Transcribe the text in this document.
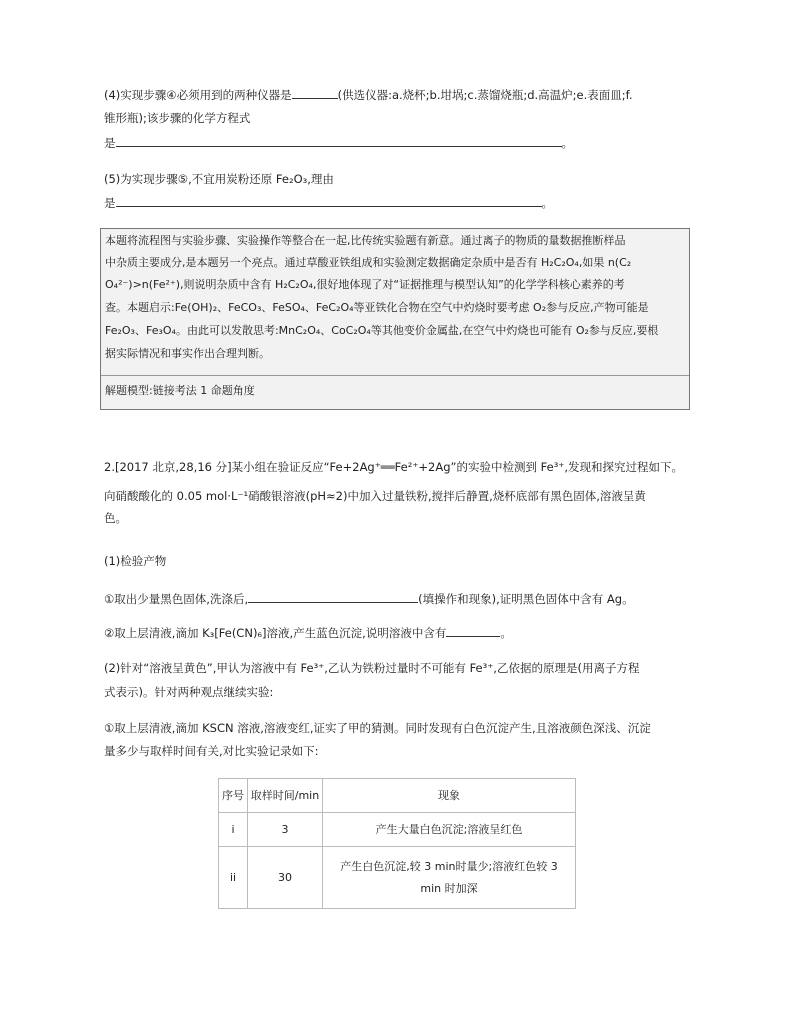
(4)实现步骤④必须用到的两种仪器是	(供选仪器:a.烧杯;b.坩埚;c.蒸馏烧瓶;d.高温炉;e.表面皿;f.
锥形瓶);该步骤的化学方程式
是	。
(5)为实现步骤⑤,不宜用炭粉还原 Fe₂O₃,理由
是	。
本题将流程图与实验步骤、实验操作等整合在一起,比传统实验题有新意。通过离子的物质的量数据推断样品
中杂质主要成分,是本题另一个亮点。通过草酸亚铁组成和实验测定数据确定杂质中是否有 H₂C₂O₄,如果 n(C₂
O₄²⁻)>n(Fe²⁺),则说明杂质中含有 H₂C₂O₄,很好地体现了对“证据推理与模型认知”的化学学科核心素养的考
查。本题启示:Fe(OH)₂、FeCO₃、FeSO₄、FeC₂O₄等亚铁化合物在空气中灼烧时要考虑 O₂参与反应,产物可能是
Fe₂O₃、Fe₃O₄。由此可以发散思考:MnC₂O₄、CoC₂O₄等其他变价金属盐,在空气中灼烧也可能有 O₂参与反应,要根
据实际情况和事实作出合理判断。
解题模型:链接考法 1 命题角度
2.[2017 北京,28,16 分]某小组在验证反应“Fe+2Ag⁺══Fe²⁺+2Ag”的实验中检测到 Fe³⁺,发现和探究过程如下。
向硝酸酸化的 0.05 mol·L⁻¹硝酸银溶液(pH≈2)中加入过量铁粉,搅拌后静置,烧杯底部有黑色固体,溶液呈黄
色。
(1)检验产物
①取出少量黑色固体,洗涤后,	(填操作和现象),证明黑色固体中含有 Ag。
②取上层清液,滴加 K₃[Fe(CN)₆]溶液,产生蓝色沉淀,说明溶液中含有	。
(2)针对“溶液呈黄色”,甲认为溶液中有 Fe³⁺,乙认为铁粉过量时不可能有 Fe³⁺,乙依据的原理是(用离子方程
式表示)。针对两种观点继续实验:
①取上层清液,滴加 KSCN 溶液,溶液变红,证实了甲的猜测。同时发现有白色沉淀产生,且溶液颜色深浅、沉淀
量多少与取样时间有关,对比实验记录如下:
序号	取样时间/min	现象
i	3	产生大量白色沉淀;溶液呈红色
ii	30	产生白色沉淀,较 3 min时量少;溶液红色较 3
min 时加深
